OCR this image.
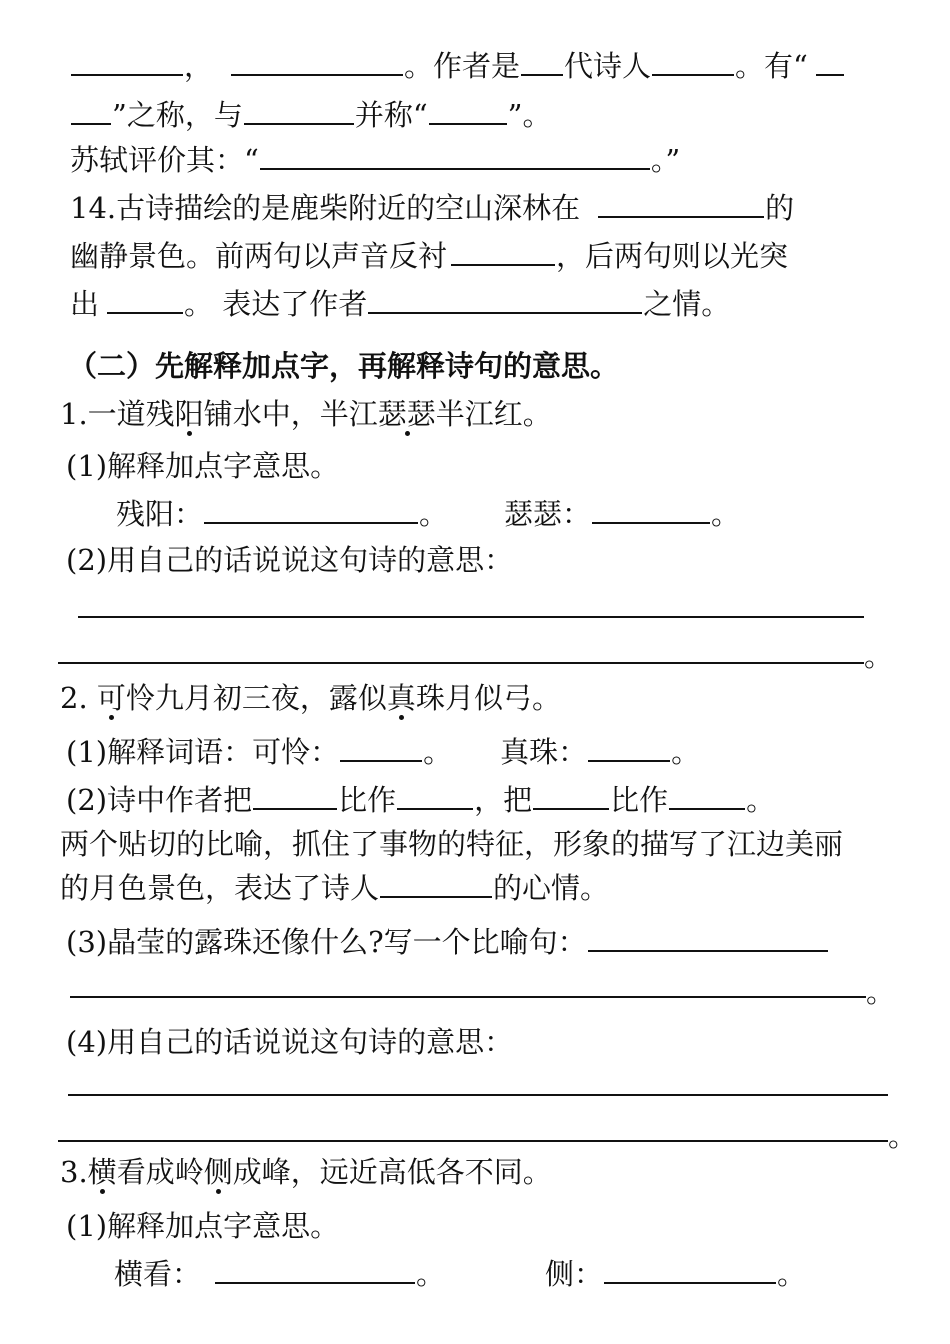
，	。作者是 代诗人	。有“
”之称，与	并称“	”。
苏轼评价其：“	。”
14.古诗描绘的是鹿柴附近的空山深林在	的
幽静景色。前两句以声音反衬	，后两句则以光突
出	。 表达了作者	之情。
（二）先解释加点字，再解释诗句的意思。
1.一道残阳铺水中，半江瑟瑟半江红。
(1)解释加点字意思。
残阳：	。 瑟瑟：	。
(2)用自己的话说说这句诗的意思：
。
2. 可怜九月初三夜，露似真珠月似弓。
(1)解释词语：可怜：	。 真珠：	。
(2)诗中作者把	比作	，把	比作	。
两个贴切的比喻，抓住了事物的特征，形象的描写了江边美丽
的月色景色，表达了诗人	的心情。
(3)晶莹的露珠还像什么?写一个比喻句：
。
(4)用自己的话说说这句诗的意思：
。
3.横看成岭侧成峰，远近高低各不同。
(1)解释加点字意思。
横看：	。	侧：	。
